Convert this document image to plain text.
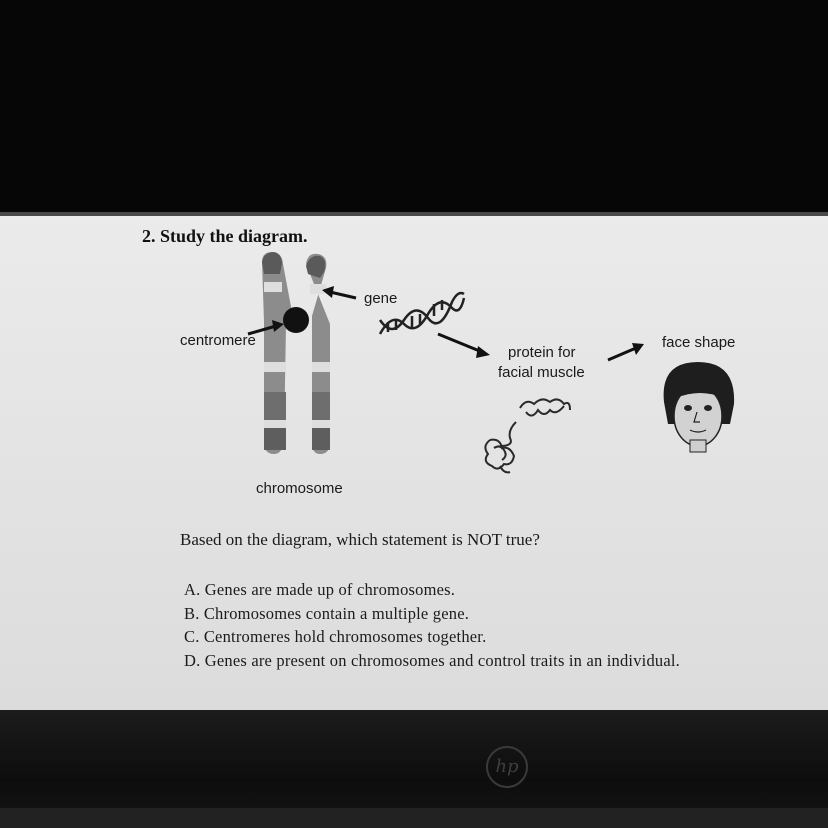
2. Study the diagram.
gene
centromere
protein for
facial muscle
face shape
chromosome
Based on the diagram, which statement is NOT true?
A. Genes are made up of chromosomes.
B. Chromosomes contain a multiple gene.
C. Centromeres hold chromosomes together.
D. Genes are present on chromosomes and control traits in an individual.
hp
